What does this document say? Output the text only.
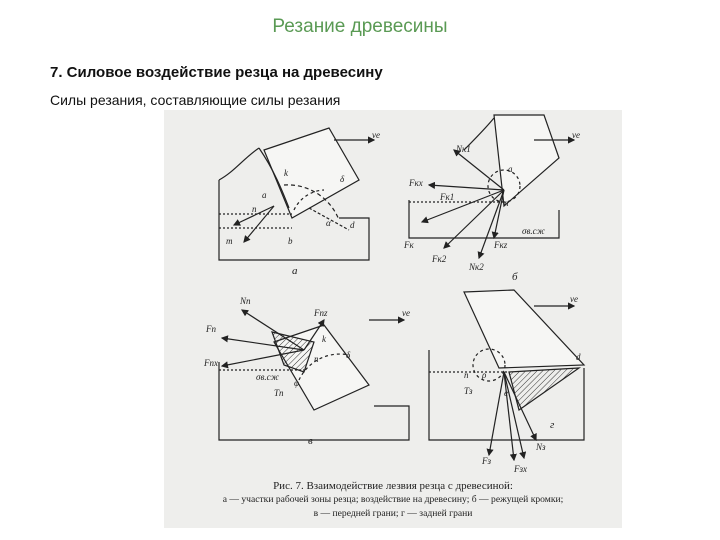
Резание древесины
7. Силовое воздействие резца на древесину
Силы резания, составляющие силы резания
vе
k
a
n
m	b
d
δ
α
а
vе
Nк1
Fкх
Fк1
Fк
Fк2
Nк2
Fкz
σв.сж
a
n
б
vе
Nп
Fп
Fпz
Fпх
σв.сж
Tп
φ
k
n	δ
в
vе
n ρ
Tз	e
d
Fз
Fзх
Nз
г
Рис. 7. Взаимодействие лезвия резца с древесиной:
а — участки рабочей зоны резца; воздействие на древесину; б — режущей кромки;
в — передней грани; г — задней грани
